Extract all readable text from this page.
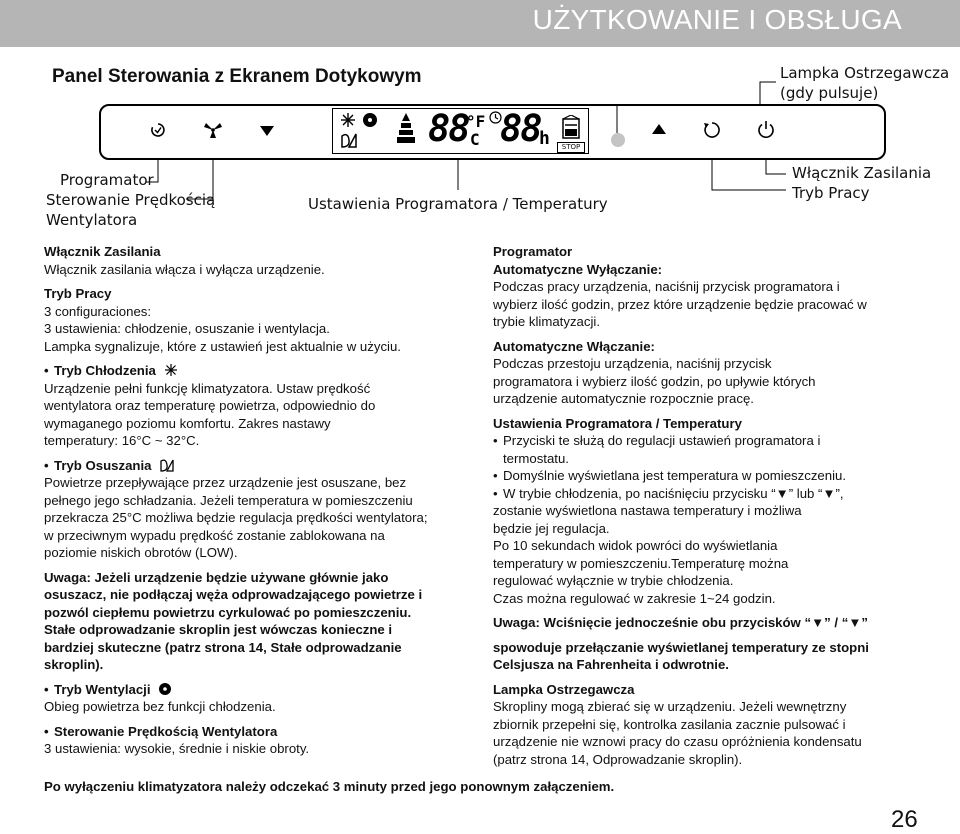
UŻYTKOWANIE I OBSŁUGA
Panel Sterowania z Ekranem Dotykowym	Lampka Ostrzegawcza
(gdy pulsuje)
88
°F
C 88
h	STOP
Programator
Sterowanie Prędkością
Wentylatora
Ustawienia Programatora / Temperatury
Włącznik Zasilania
Tryb Pracy

Włącznik Zasilania

Włącznik zasilania włącza i wyłącza urządzenie.

Tryb Pracy

3 configuraciones:

3 ustawienia: chłodzenie, osuszanie i wentylacja.

Lampka sygnalizuje, które z ustawień jest aktualnie w użyciu.

• Tryb Chłodzenia

Urządzenie pełni funkcję klimatyzatora. Ustaw prędkość

wentylatora oraz temperaturę powietrza, odpowiednio do

wymaganego poziomu komfortu. Zakres nastawy

temperatury: 16°C ~ 32°C.

• Tryb Osuszania

Powietrze przepływające przez urządzenie jest osuszane, bez

pełnego jego schładzania. Jeżeli temperatura w pomieszczeniu

przekracza 25°C możliwa będzie regulacja prędkości wentylatora;

w przeciwnym wypadu prędkość zostanie zablokowana na

poziomie niskich obrotów (LOW).

Uwaga: Jeżeli urządzenie będzie używane głównie jako

osuszacz, nie podłączaj węża odprowadzającego powietrze i

pozwól ciepłemu powietrzu cyrkulować po pomieszczeniu.

Stałe odprowadzanie skroplin jest wówczas konieczne i

bardziej skuteczne (patrz strona 14, Stałe odprowadzanie

skroplin).

• Tryb Wentylacji

Obieg powietrza bez funkcji chłodzenia.

• Sterowanie Prędkością Wentylatora

3 ustawienia: wysokie, średnie i niskie obroty.

Programator

Automatyczne Wyłączanie:

Podczas pracy urządzenia, naciśnij przycisk programatora i

wybierz ilość godzin, przez które urządzenie będzie pracować w

trybie klimatyzacji.

Automatyczne Włączanie:

Podczas przestoju urządzenia, naciśnij przycisk

programatora i wybierz ilość godzin, po upływie których

urządzenie automatycznie rozpocznie pracę.

Ustawienia Programatora / Temperatury

• Przyciski te służą do regulacji ustawień programatora i

termostatu.

• Domyślnie wyświetlana jest temperatura w pomieszczeniu.

• W trybie chłodzenia, po naciśnięciu przycisku “▼” lub “▼”,

zostanie wyświetlona nastawa temperatury i możliwa

będzie jej regulacja.

Po 10 sekundach widok powróci do wyświetlania

temperatury w pomieszczeniu.Temperaturę można

regulować wyłącznie w trybie chłodzenia.

Czas można regulować w zakresie 1~24 godzin.

Uwaga: Wciśnięcie jednocześnie obu przycisków “▼” / “▼”

spowoduje przełączanie wyświetlanej temperatury ze stopni

Celsjusza na Fahrenheita i odwrotnie.

Lampka Ostrzegawcza

Skropliny mogą zbierać się w urządzeniu. Jeżeli wewnętrzny

zbiornik przepełni się, kontrolka zasilania zacznie pulsować i

urządzenie nie wznowi pracy do czasu opróżnienia kondensatu

(patrz strona 14, Odprowadzanie skroplin).

Po wyłączeniu klimatyzatora należy odczekać 3 minuty przed jego ponownym załączeniem.
26
